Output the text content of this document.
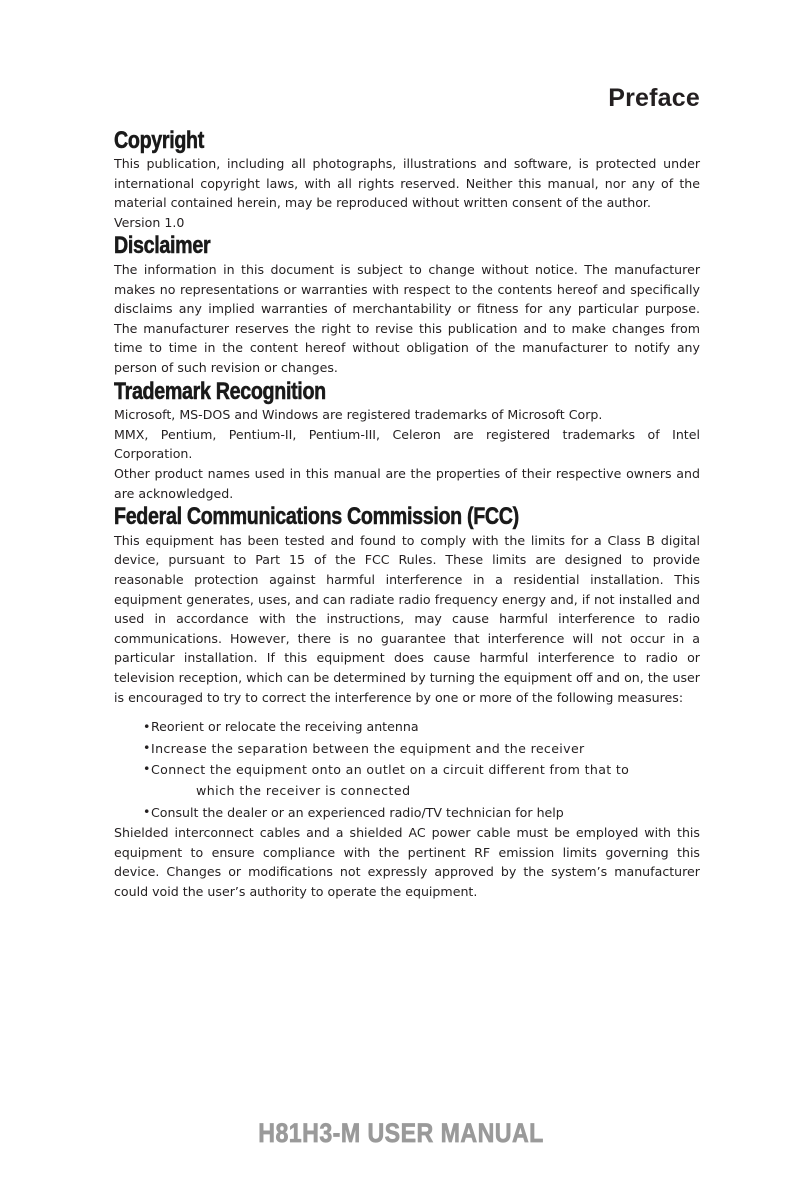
Preface
Copyright

This publication, including all photographs, illustrations and software, is protected under international copyright laws, with all rights reserved. Neither this manual, nor any of the material contained herein, may be reproduced without written consent of the author.

Version 1.0

Disclaimer

The information in this document is subject to change without notice. The manufacturer makes no representations or warranties with respect to the contents hereof and specifically disclaims any implied warranties of merchantability or fitness for any particular purpose. The manufacturer reserves the right to revise this publication and to make changes from time to time in the content hereof without obligation of the manufacturer to notify any person of such revision or changes.

Trademark Recognition

Microsoft, MS-DOS and Windows are registered trademarks of Microsoft Corp.

MMX, Pentium, Pentium-II, Pentium-III, Celeron are registered trademarks of Intel Corporation.

Other product names used in this manual are the properties of their respective owners and are acknowledged.

Federal Communications Commission (FCC)

This equipment has been tested and found to comply with the limits for a Class B digital device, pursuant to Part 15 of the FCC Rules. These limits are designed to provide reasonable protection against harmful interference in a residential installation. This equipment generates, uses, and can radiate radio frequency energy and, if not installed and used in accordance with the instructions, may cause harmful interference to radio communications. However, there is no guarantee that interference will not occur in a particular installation. If this equipment does cause harmful interference to radio or television reception, which can be determined by turning the equipment off and on, the user is encouraged to try to correct the interference by one or more of the following measures:

• Reorient or relocate the receiving antenna
• Increase the separation between the equipment and the receiver
• Connect the equipment onto an outlet on a circuit different from that to
which the receiver is connected
• Consult the dealer or an experienced radio/TV technician for help

Shielded interconnect cables and a shielded AC power cable must be employed with this equipment to ensure compliance with the pertinent RF emission limits governing this device. Changes or modifications not expressly approved by the system’s manufacturer could void the user’s authority to operate the equipment.

H81H3-M USER MANUAL
